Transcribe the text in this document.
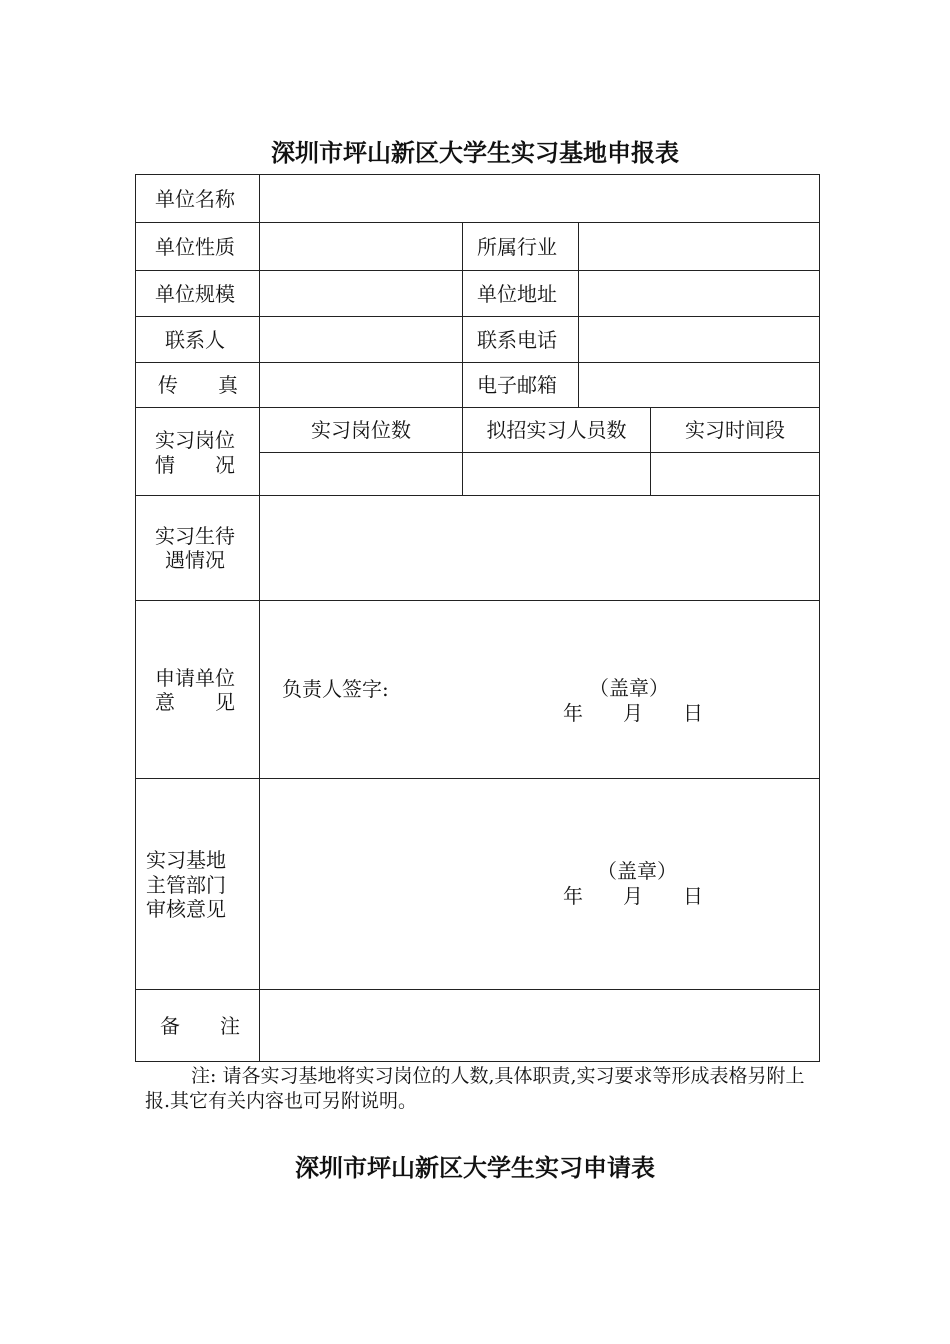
深圳市坪山新区大学生实习基地申报表
单位名称
单位性质	所属行业
单位规模	单位地址
联系人	联系电话
传　　真	电子邮箱
实习岗位
情　　况
实习岗位数	拟招实习人员数	实习时间段
实习生待
遇情况
申请单位
意　　见
负责人签字:	（盖章）
年　　月　　日
实习基地
主管部门
审核意见
（盖章）
年　　月　　日
备　　注
注: 请各实习基地将实习岗位的人数,具体职责,实习要求等形成表格另附上报.其它有关内容也可另附说明。
深圳市坪山新区大学生实习申请表
